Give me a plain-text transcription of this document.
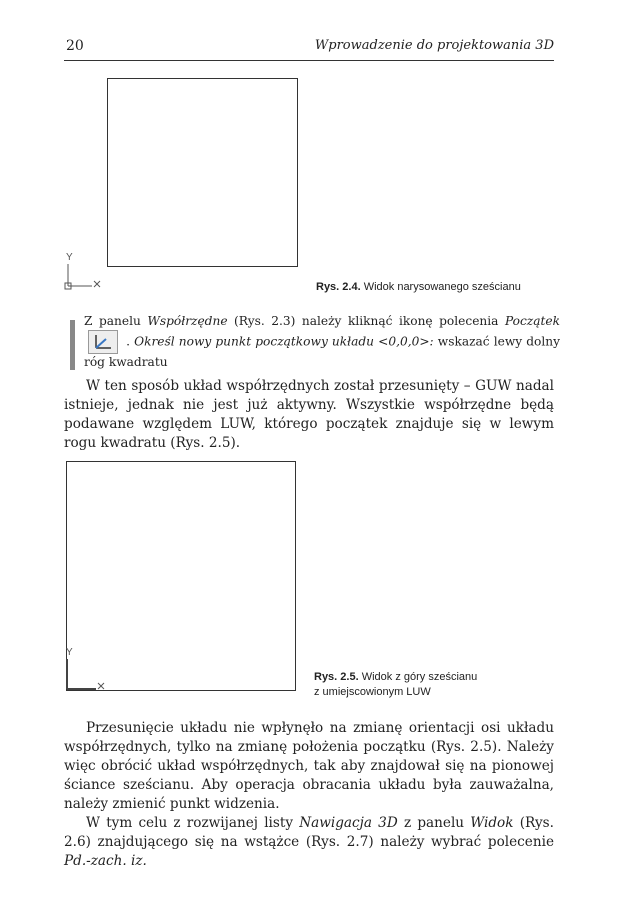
20	Wprowadzenie do projektowania 3D
Y
Rys. 2.4. Widok narysowanego sześcianu

Z panelu Współrzędne (Rys. 2.3) należy kliknąć ikonę polecenia Początek
. Określ nowy punkt początkowy układu <0,0,0>: wskazać lewy dolny róg kwadratu

W ten sposób układ współrzędnych został przesunięty – GUW nadal istnieje, jednak nie jest już aktywny. Wszystkie współrzędne będą podawane względem LUW, którego początek znajduje się w lewym rogu kwadratu (Rys. 2.5).

Y
Rys. 2.5. Widok z góry sześcianu
z umiejscowionym LUW

Przesunięcie układu nie wpłynęło na zmianę orientacji osi układu współrzędnych, tylko na zmianę położenia początku (Rys. 2.5). Należy więc obrócić układ współrzędnych, tak aby znajdował się na pionowej ściance sześcianu. Aby operacja obracania układu była zauważalna, należy zmienić punkt widzenia.

W tym celu z rozwijanej listy Nawigacja 3D z panelu Widok (Rys. 2.6) znajdującego się na wstążce (Rys. 2.7) należy wybrać polecenie Pd.-zach. iz.
